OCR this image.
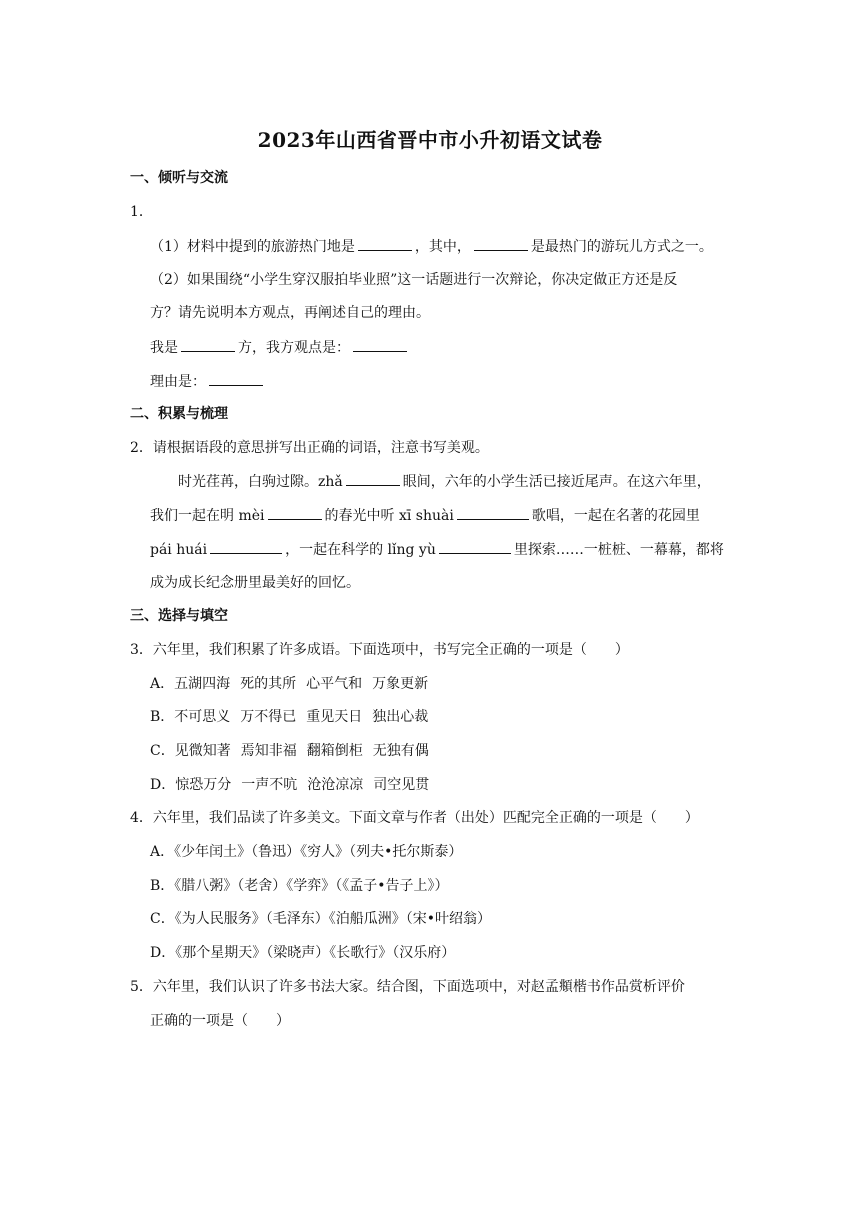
2023年山西省晋中市小升初语文试卷
一、倾听与交流
1．
（1）材料中提到的旅游热门地是	，其中，	是最热门的游玩儿方式之一。
（2）如果围绕“小学生穿汉服拍毕业照”这一话题进行一次辩论，你决定做正方还是反
方？请先说明本方观点，再阐述自己的理由。
我是	方，我方观点是：
理由是：
二、积累与梳理
2．请根据语段的意思拼写出正确的词语，注意书写美观。
时光荏苒，白驹过隙。zhǎ	眼间，六年的小学生活已接近尾声。在这六年里，
我们一起在明 mèi	的春光中听 xī shuài	歌唱，一起在名著的花园里
pái huái	，一起在科学的 lǐng yù	里探索……一桩桩、一幕幕，都将
成为成长纪念册里最美好的回忆。
三、选择与填空
3．六年里，我们积累了许多成语。下面选项中，书写完全正确的一项是（　　）
A．五湖四海 死的其所 心平气和 万象更新
B．不可思义 万不得已 重见天日 独出心裁
C．见微知著 焉知非福 翻箱倒柜 无独有偶
D．惊恐万分 一声不吭 沧沧凉凉 司空见贯
4．六年里，我们品读了许多美文。下面文章与作者（出处）匹配完全正确的一项是（　　）
A．《少年闰土》（鲁迅）《穷人》（列夫•托尔斯泰）
B．《腊八粥》（老舍）《学弈》（《孟子•告子上》）
C．《为人民服务》（毛泽东）《泊船瓜洲》（宋•叶绍翁）
D．《那个星期天》（梁晓声）《长歌行》（汉乐府）
5．六年里，我们认识了许多书法大家。结合图，下面选项中，对赵孟頫楷书作品赏析评价
正确的一项是（　　）
